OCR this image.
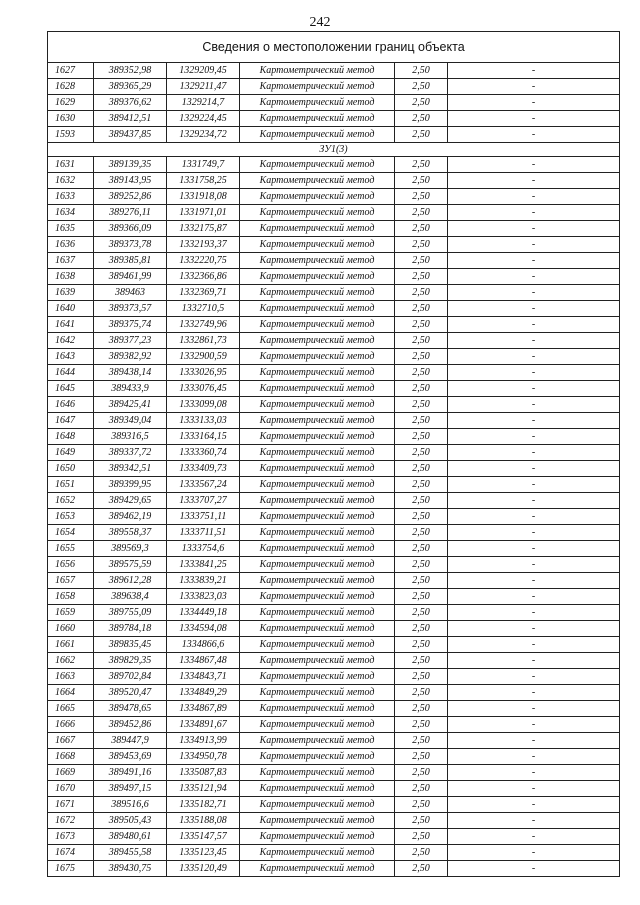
242
Сведения о местоположении границ объекта					
1627	389352,98	1329209,45	Картометрический метод	2,50	-
1628	389365,29	1329211,47	Картометрический метод	2,50	-
1629	389376,62	1329214,7	Картометрический метод	2,50	-
1630	389412,51	1329224,45	Картометрический метод	2,50	-
1593	389437,85	1329234,72	Картометрический метод	2,50	-
ЗУ1(3)					
1631	389139,35	1331749,7	Картометрический метод	2,50	-
1632	389143,95	1331758,25	Картометрический метод	2,50	-
1633	389252,86	1331918,08	Картометрический метод	2,50	-
1634	389276,11	1331971,01	Картометрический метод	2,50	-
1635	389366,09	1332175,87	Картометрический метод	2,50	-
1636	389373,78	1332193,37	Картометрический метод	2,50	-
1637	389385,81	1332220,75	Картометрический метод	2,50	-
1638	389461,99	1332366,86	Картометрический метод	2,50	-
1639	389463	1332369,71	Картометрический метод	2,50	-
1640	389373,57	1332710,5	Картометрический метод	2,50	-
1641	389375,74	1332749,96	Картометрический метод	2,50	-
1642	389377,23	1332861,73	Картометрический метод	2,50	-
1643	389382,92	1332900,59	Картометрический метод	2,50	-
1644	389438,14	1333026,95	Картометрический метод	2,50	-
1645	389433,9	1333076,45	Картометрический метод	2,50	-
1646	389425,41	1333099,08	Картометрический метод	2,50	-
1647	389349,04	1333133,03	Картометрический метод	2,50	-
1648	389316,5	1333164,15	Картометрический метод	2,50	-
1649	389337,72	1333360,74	Картометрический метод	2,50	-
1650	389342,51	1333409,73	Картометрический метод	2,50	-
1651	389399,95	1333567,24	Картометрический метод	2,50	-
1652	389429,65	1333707,27	Картометрический метод	2,50	-
1653	389462,19	1333751,11	Картометрический метод	2,50	-
1654	389558,37	1333711,51	Картометрический метод	2,50	-
1655	389569,3	1333754,6	Картометрический метод	2,50	-
1656	389575,59	1333841,25	Картометрический метод	2,50	-
1657	389612,28	1333839,21	Картометрический метод	2,50	-
1658	389638,4	1333823,03	Картометрический метод	2,50	-
1659	389755,09	1334449,18	Картометрический метод	2,50	-
1660	389784,18	1334594,08	Картометрический метод	2,50	-
1661	389835,45	1334866,6	Картометрический метод	2,50	-
1662	389829,35	1334867,48	Картометрический метод	2,50	-
1663	389702,84	1334843,71	Картометрический метод	2,50	-
1664	389520,47	1334849,29	Картометрический метод	2,50	-
1665	389478,65	1334867,89	Картометрический метод	2,50	-
1666	389452,86	1334891,67	Картометрический метод	2,50	-
1667	389447,9	1334913,99	Картометрический метод	2,50	-
1668	389453,69	1334950,78	Картометрический метод	2,50	-
1669	389491,16	1335087,83	Картометрический метод	2,50	-
1670	389497,15	1335121,94	Картометрический метод	2,50	-
1671	389516,6	1335182,71	Картометрический метод	2,50	-
1672	389505,43	1335188,08	Картометрический метод	2,50	-
1673	389480,61	1335147,57	Картометрический метод	2,50	-
1674	389455,58	1335123,45	Картометрический метод	2,50	-
1675	389430,75	1335120,49	Картометрический метод	2,50	-
